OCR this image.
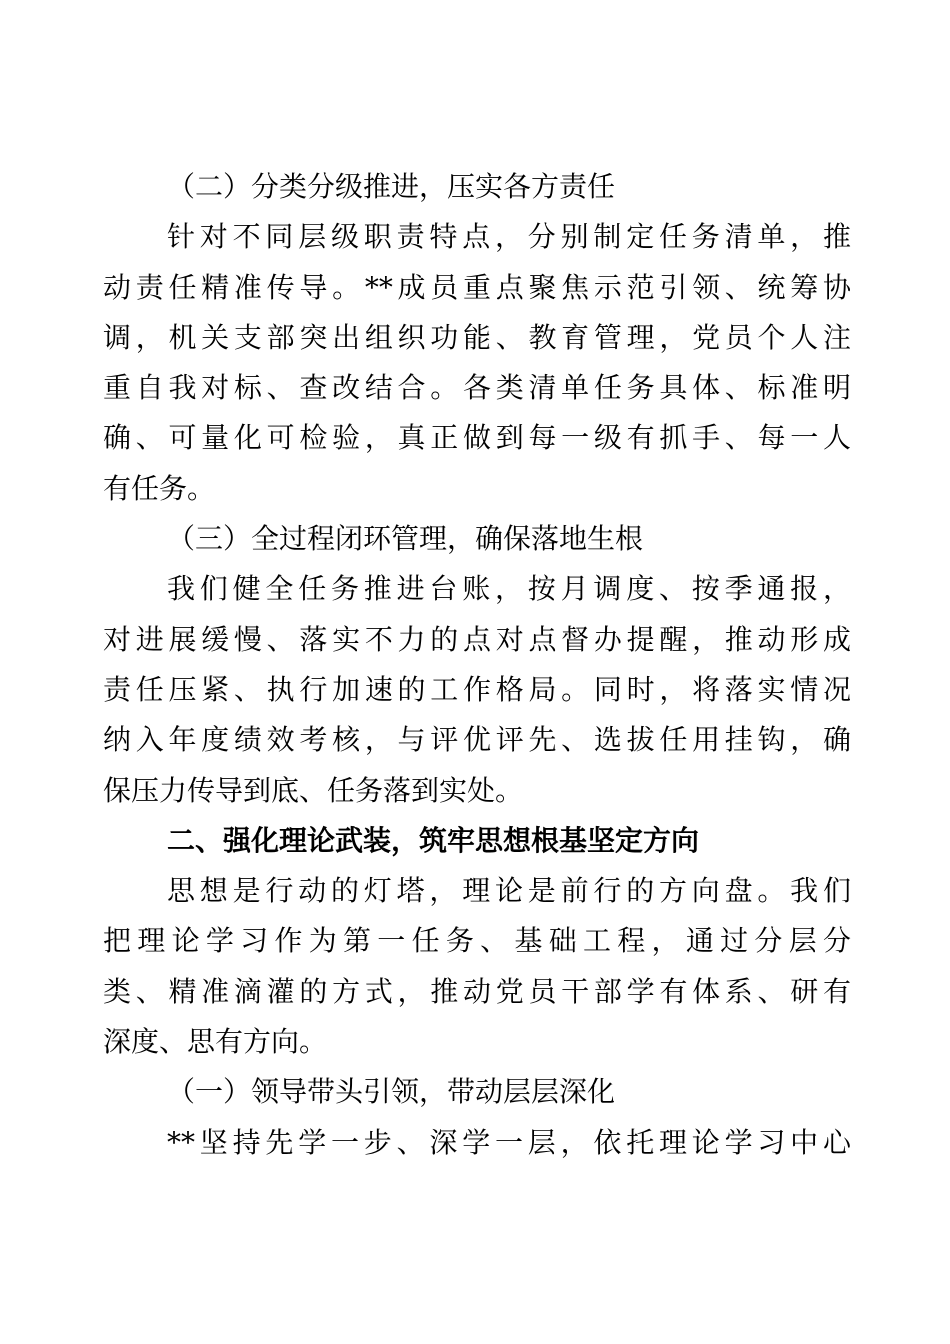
（二）分类分级推进，压实各方责任
针对不同层级职责特点，分别制定任务清单，推
动责任精准传导。**成员重点聚焦示范引领、统筹协
调，机关支部突出组织功能、教育管理，党员个人注
重自我对标、查改结合。各类清单任务具体、标准明
确、可量化可检验，真正做到每一级有抓手、每一人
有任务。
（三）全过程闭环管理，确保落地生根
我们健全任务推进台账，按月调度、按季通报，
对进展缓慢、落实不力的点对点督办提醒，推动形成
责任压紧、执行加速的工作格局。同时，将落实情况
纳入年度绩效考核，与评优评先、选拔任用挂钩，确
保压力传导到底、任务落到实处。
二、强化理论武装，筑牢思想根基坚定方向
思想是行动的灯塔，理论是前行的方向盘。我们
把理论学习作为第一任务、基础工程，通过分层分
类、精准滴灌的方式，推动党员干部学有体系、研有
深度、思有方向。
（一）领导带头引领，带动层层深化
**坚持先学一步、深学一层，依托理论学习中心
